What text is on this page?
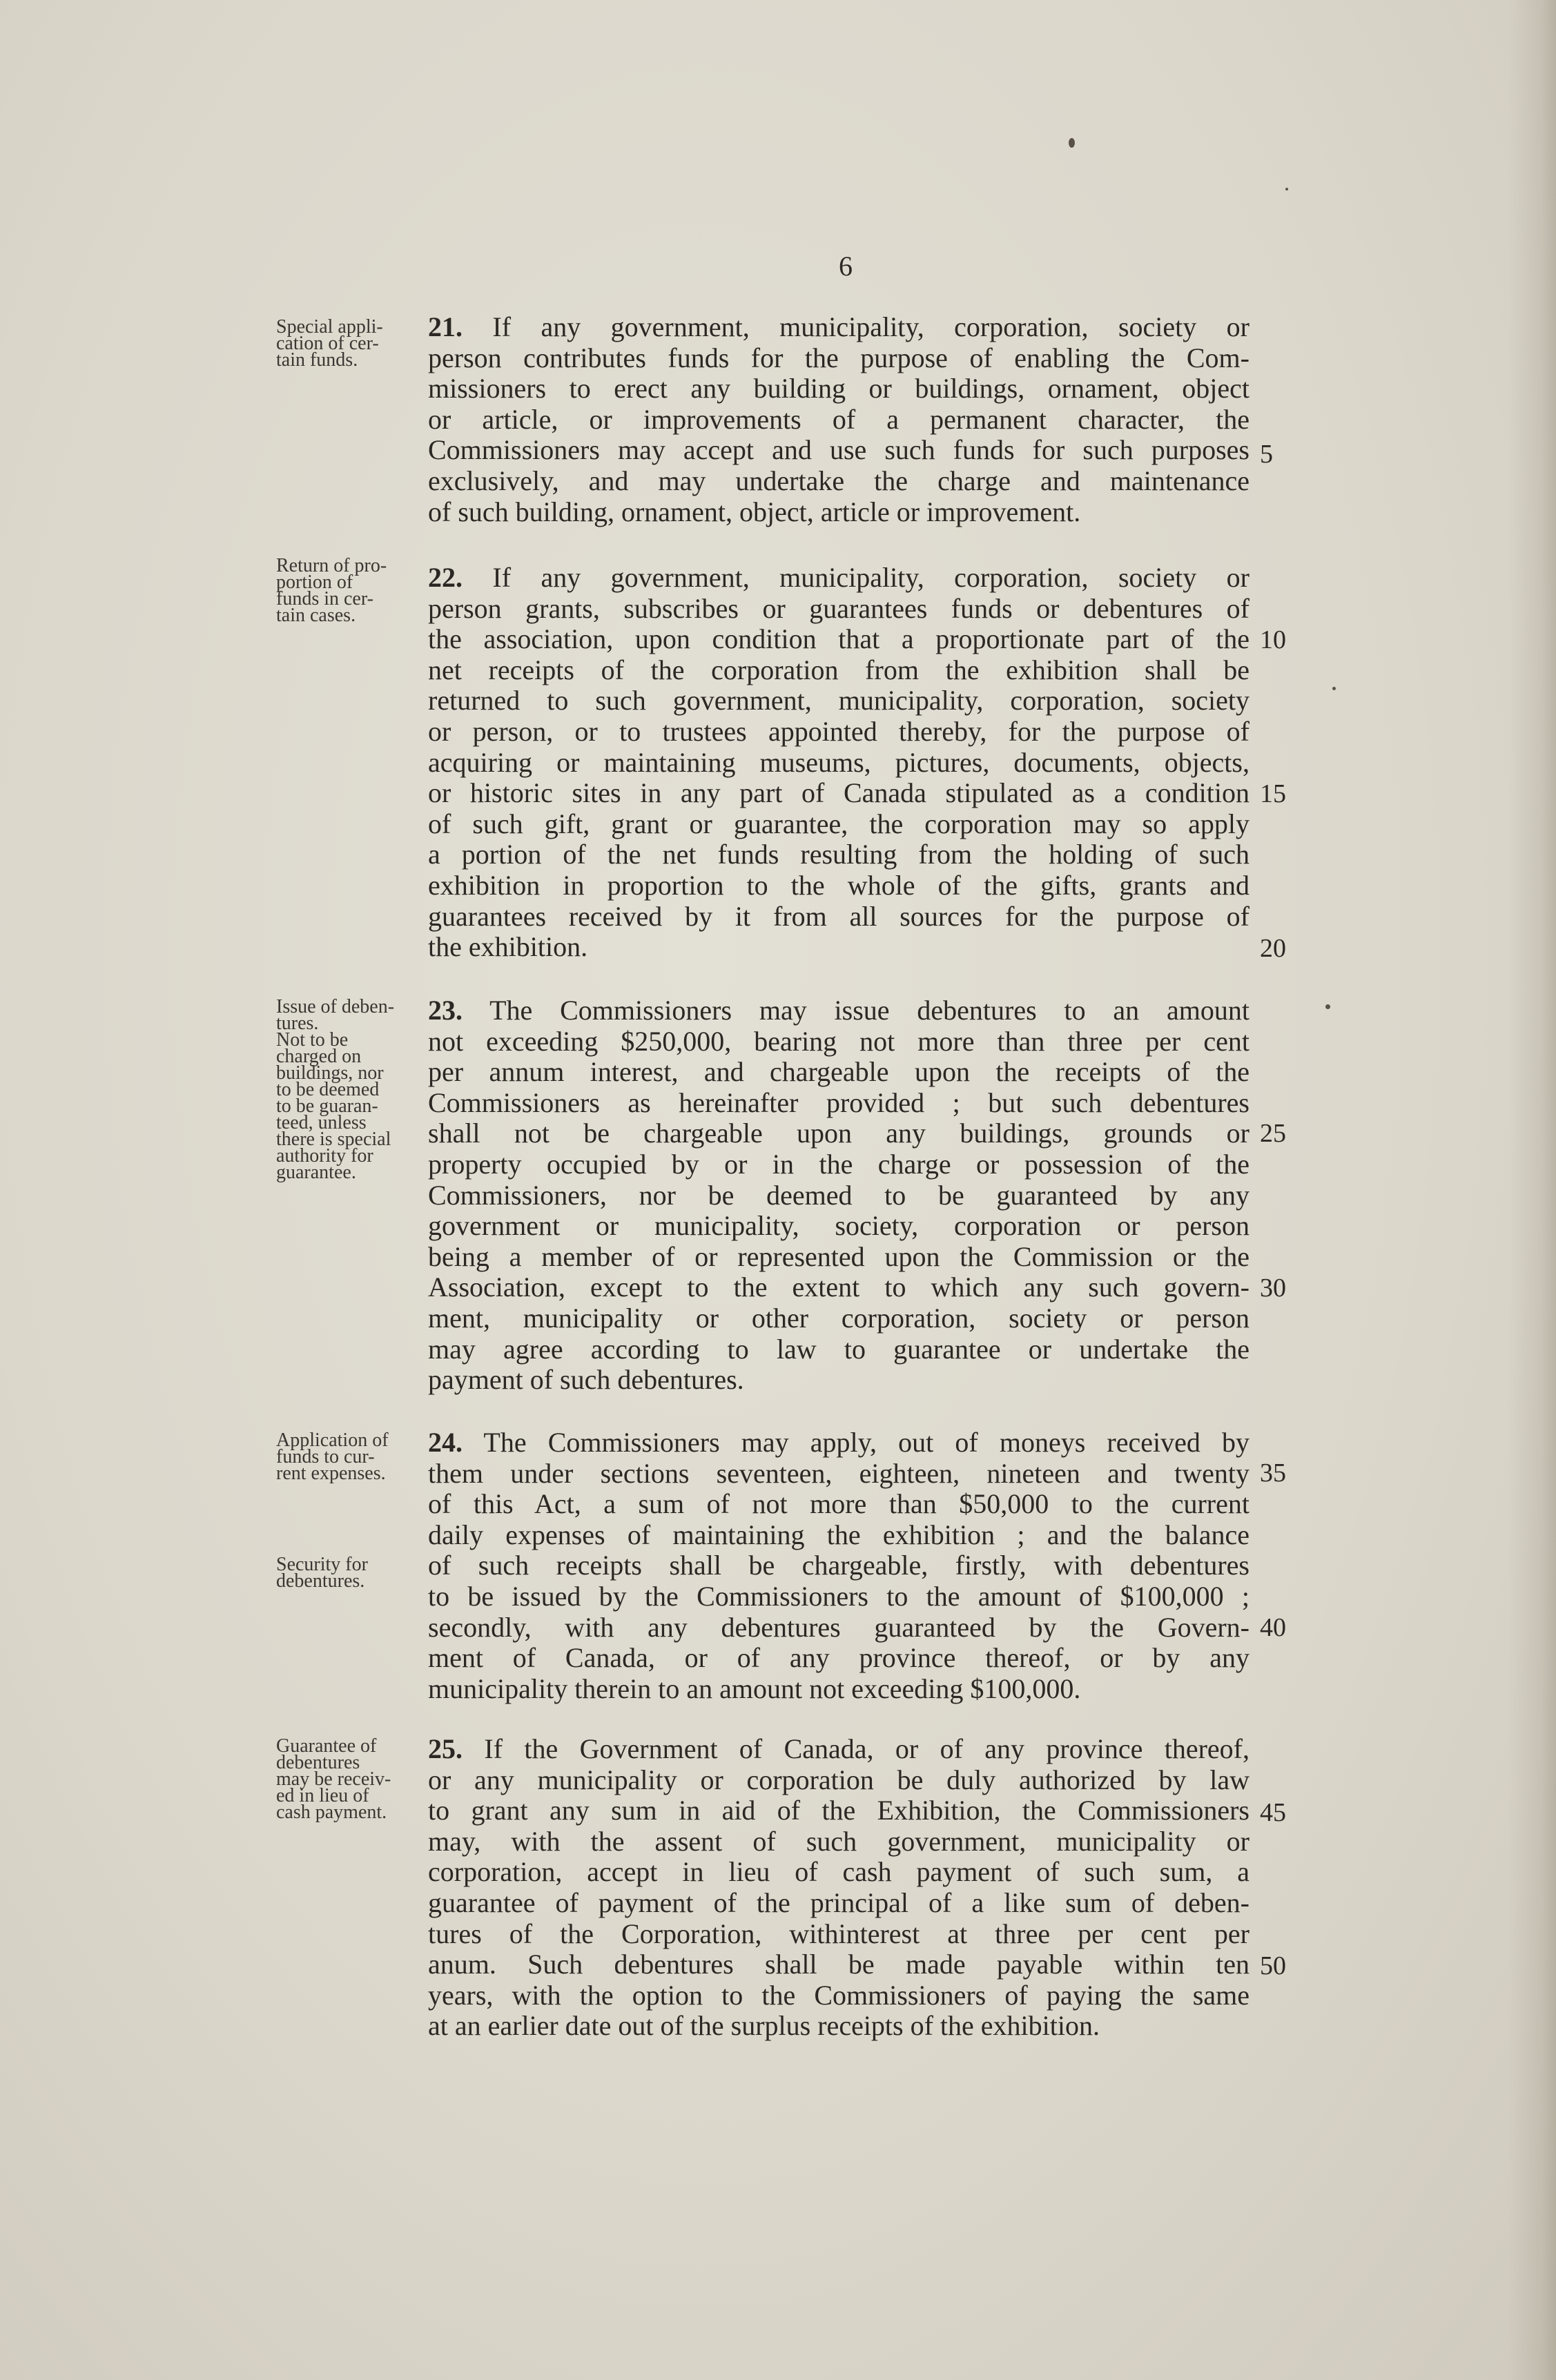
6
Special appli-
cation of cer-
tain funds.
21. If any government, municipality, corporation, society or
person contributes funds for the purpose of enabling the Com-
missioners to erect any building or buildings, ornament, object
or article, or improvements of a permanent character, the
Commissioners may accept and use such funds for such purposes
exclusively, and may undertake the charge and maintenance
of such building, ornament, object, article or improvement.
Return of pro-
portion of
funds in cer-
tain cases.
22. If any government, municipality, corporation, society or
person grants, subscribes or guarantees funds or debentures of
the association, upon condition that a proportionate part of the
net receipts of the corporation from the exhibition shall be
returned to such government, municipality, corporation, society
or person, or to trustees appointed thereby, for the purpose of
acquiring or maintaining museums, pictures, documents, objects,
or historic sites in any part of Canada stipulated as a condition
of such gift, grant or guarantee, the corporation may so apply
a portion of the net funds resulting from the holding of such
exhibition in proportion to the whole of the gifts, grants and
guarantees received by it from all sources for the purpose of
the exhibition.
Issue of deben-
tures.
Not to be
charged on
buildings, nor
to be deemed
to be guaran-
teed, unless
there is special
authority for
guarantee.
23. The Commissioners may issue debentures to an amount
not exceeding $250,000, bearing not more than three per cent
per annum interest, and chargeable upon the receipts of the
Commissioners as hereinafter provided ; but such debentures
shall not be chargeable upon any buildings, grounds or
property occupied by or in the charge or possession of the
Commissioners, nor be deemed to be guaranteed by any
government or municipality, society, corporation or person
being a member of or represented upon the Commission or the
Association, except to the extent to which any such govern-
ment, municipality or other corporation, society or person
may agree according to law to guarantee or undertake the
payment of such debentures.
Application of
funds to cur-
rent expenses.
Security for
debentures.
24. The Commissioners may apply, out of moneys received by
them under sections seventeen, eighteen, nineteen and twenty
of this Act, a sum of not more than $50,000 to the current
daily expenses of maintaining the exhibition ; and the balance
of such receipts shall be chargeable, firstly, with debentures
to be issued by the Commissioners to the amount of $100,000 ;
secondly, with any debentures guaranteed by the Govern-
ment of Canada, or of any province thereof, or by any
municipality therein to an amount not exceeding $100,000.
Guarantee of
debentures
may be receiv-
ed in lieu of
cash payment.
25. If the Government of Canada, or of any province thereof,
or any municipality or corporation be duly authorized by law
to grant any sum in aid of the Exhibition, the Commissioners
may, with the assent of such government, municipality or
corporation, accept in lieu of cash payment of such sum, a
guarantee of payment of the principal of a like sum of deben-
tures of the Corporation, withinterest at three per cent per
anum. Such debentures shall be made payable within ten
years, with the option to the Commissioners of paying the same
at an earlier date out of the surplus receipts of the exhibition.
5
10
15
20
25
30
35
40
45
50
